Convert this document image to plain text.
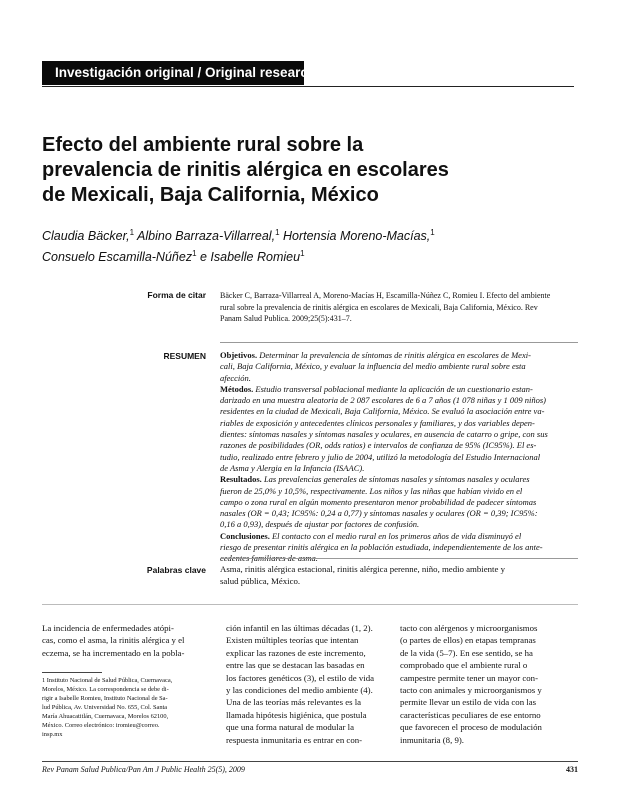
Investigación original / Original research
Efecto del ambiente rural sobre la
prevalencia de rinitis alérgica en escolares
de Mexicali, Baja California, México
Claudia Bäcker,$^1$ Albino Barraza-Villarreal,$^1$ Hortensia Moreno-Macías,$^1$
Consuelo Escamilla-Núñez$^1$ e Isabelle Romieu$^1$
Forma de citar Bäcker C, Barraza-Villarreal A, Moreno-Macías H, Escamilla-Núñez C, Romieu I. Efecto del ambiente
rural sobre la prevalencia de rinitis alérgica en escolares de Mexicali, Baja California, México. Rev
Panam Salud Publica. 2009;25(5):431–7.
RESUMEN Objetivos. Determinar la prevalencia de síntomas de rinitis alérgica en escolares de Mexi-
cali, Baja California, México, y evaluar la influencia del medio ambiente rural sobre esta
afección.
Métodos. Estudio transversal poblacional mediante la aplicación de un cuestionario estan-
darizado en una muestra aleatoria de 2 087 escolares de 6 a 7 años (1 078 niñas y 1 009 niños)
residentes en la ciudad de Mexicali, Baja California, México. Se evaluó la asociación entre va-
riables de exposición y antecedentes clínicos personales y familiares, y dos variables depen-
dientes: síntomas nasales y síntomas nasales y oculares, en ausencia de catarro o gripe, con sus
razones de posibilidades (OR, odds ratios) e intervalos de confianza de 95% (IC95%). El es-
tudio, realizado entre febrero y julio de 2004, utilizó la metodología del Estudio Internacional
de Asma y Alergia en la Infancia (ISAAC).
Resultados. Las prevalencias generales de síntomas nasales y síntomas nasales y oculares
fueron de 25,0% y 10,5%, respectivamente. Los niños y las niñas que habían vivido en el
campo o zona rural en algún momento presentaron menor probabilidad de padecer síntomas
nasales (OR = 0,43; IC95%: 0,24 a 0,77) y síntomas nasales y oculares (OR = 0,39; IC95%:
0,16 a 0,93), después de ajustar por factores de confusión.
Conclusiones. El contacto con el medio rural en los primeros años de vida disminuyó el
riesgo de presentar rinitis alérgica en la población estudiada, independientemente de los ante-
cedentes familiares de asma.
Palabras clave Asma, rinitis alérgica estacional, rinitis alérgica perenne, niño, medio ambiente y
salud pública, México.
La incidencia de enfermedades atópi-
cas, como el asma, la rinitis alérgica y el
eczema, se ha incrementado en la pobla-
ción infantil en las últimas décadas (1, 2).
Existen múltiples teorías que intentan
explicar las razones de este incremento,
entre las que se destacan las basadas en
los factores genéticos (3), el estilo de vida
y las condiciones del medio ambiente (4).
Una de las teorías más relevantes es la
llamada hipótesis higiénica, que postula
que una forma natural de modular la
respuesta inmunitaria es entrar en con-
tacto con alérgenos y microorganismos
(o partes de ellos) en etapas tempranas
de la vida (5–7). En ese sentido, se ha
comprobado que el ambiente rural o
campestre permite tener un mayor con-
tacto con animales y microorganismos y
permite llevar un estilo de vida con las
características peculiares de ese entorno
que favorecen el proceso de modulación
inmunitaria (8, 9).
1 Instituto Nacional de Salud Pública, Cuernavaca,
Morelos, México. La correspondencia se debe di-
rigir a Isabelle Romieu, Instituto Nacional de Sa-
lud Pública, Av. Universidad No. 655, Col. Santa
María Ahuacatitlán, Cuernavaca, Morelos 62100,
México. Correo electrónico: iromieu@correo.
insp.mx
Rev Panam Salud Publica/Pan Am J Public Health 25(5), 2009	431
